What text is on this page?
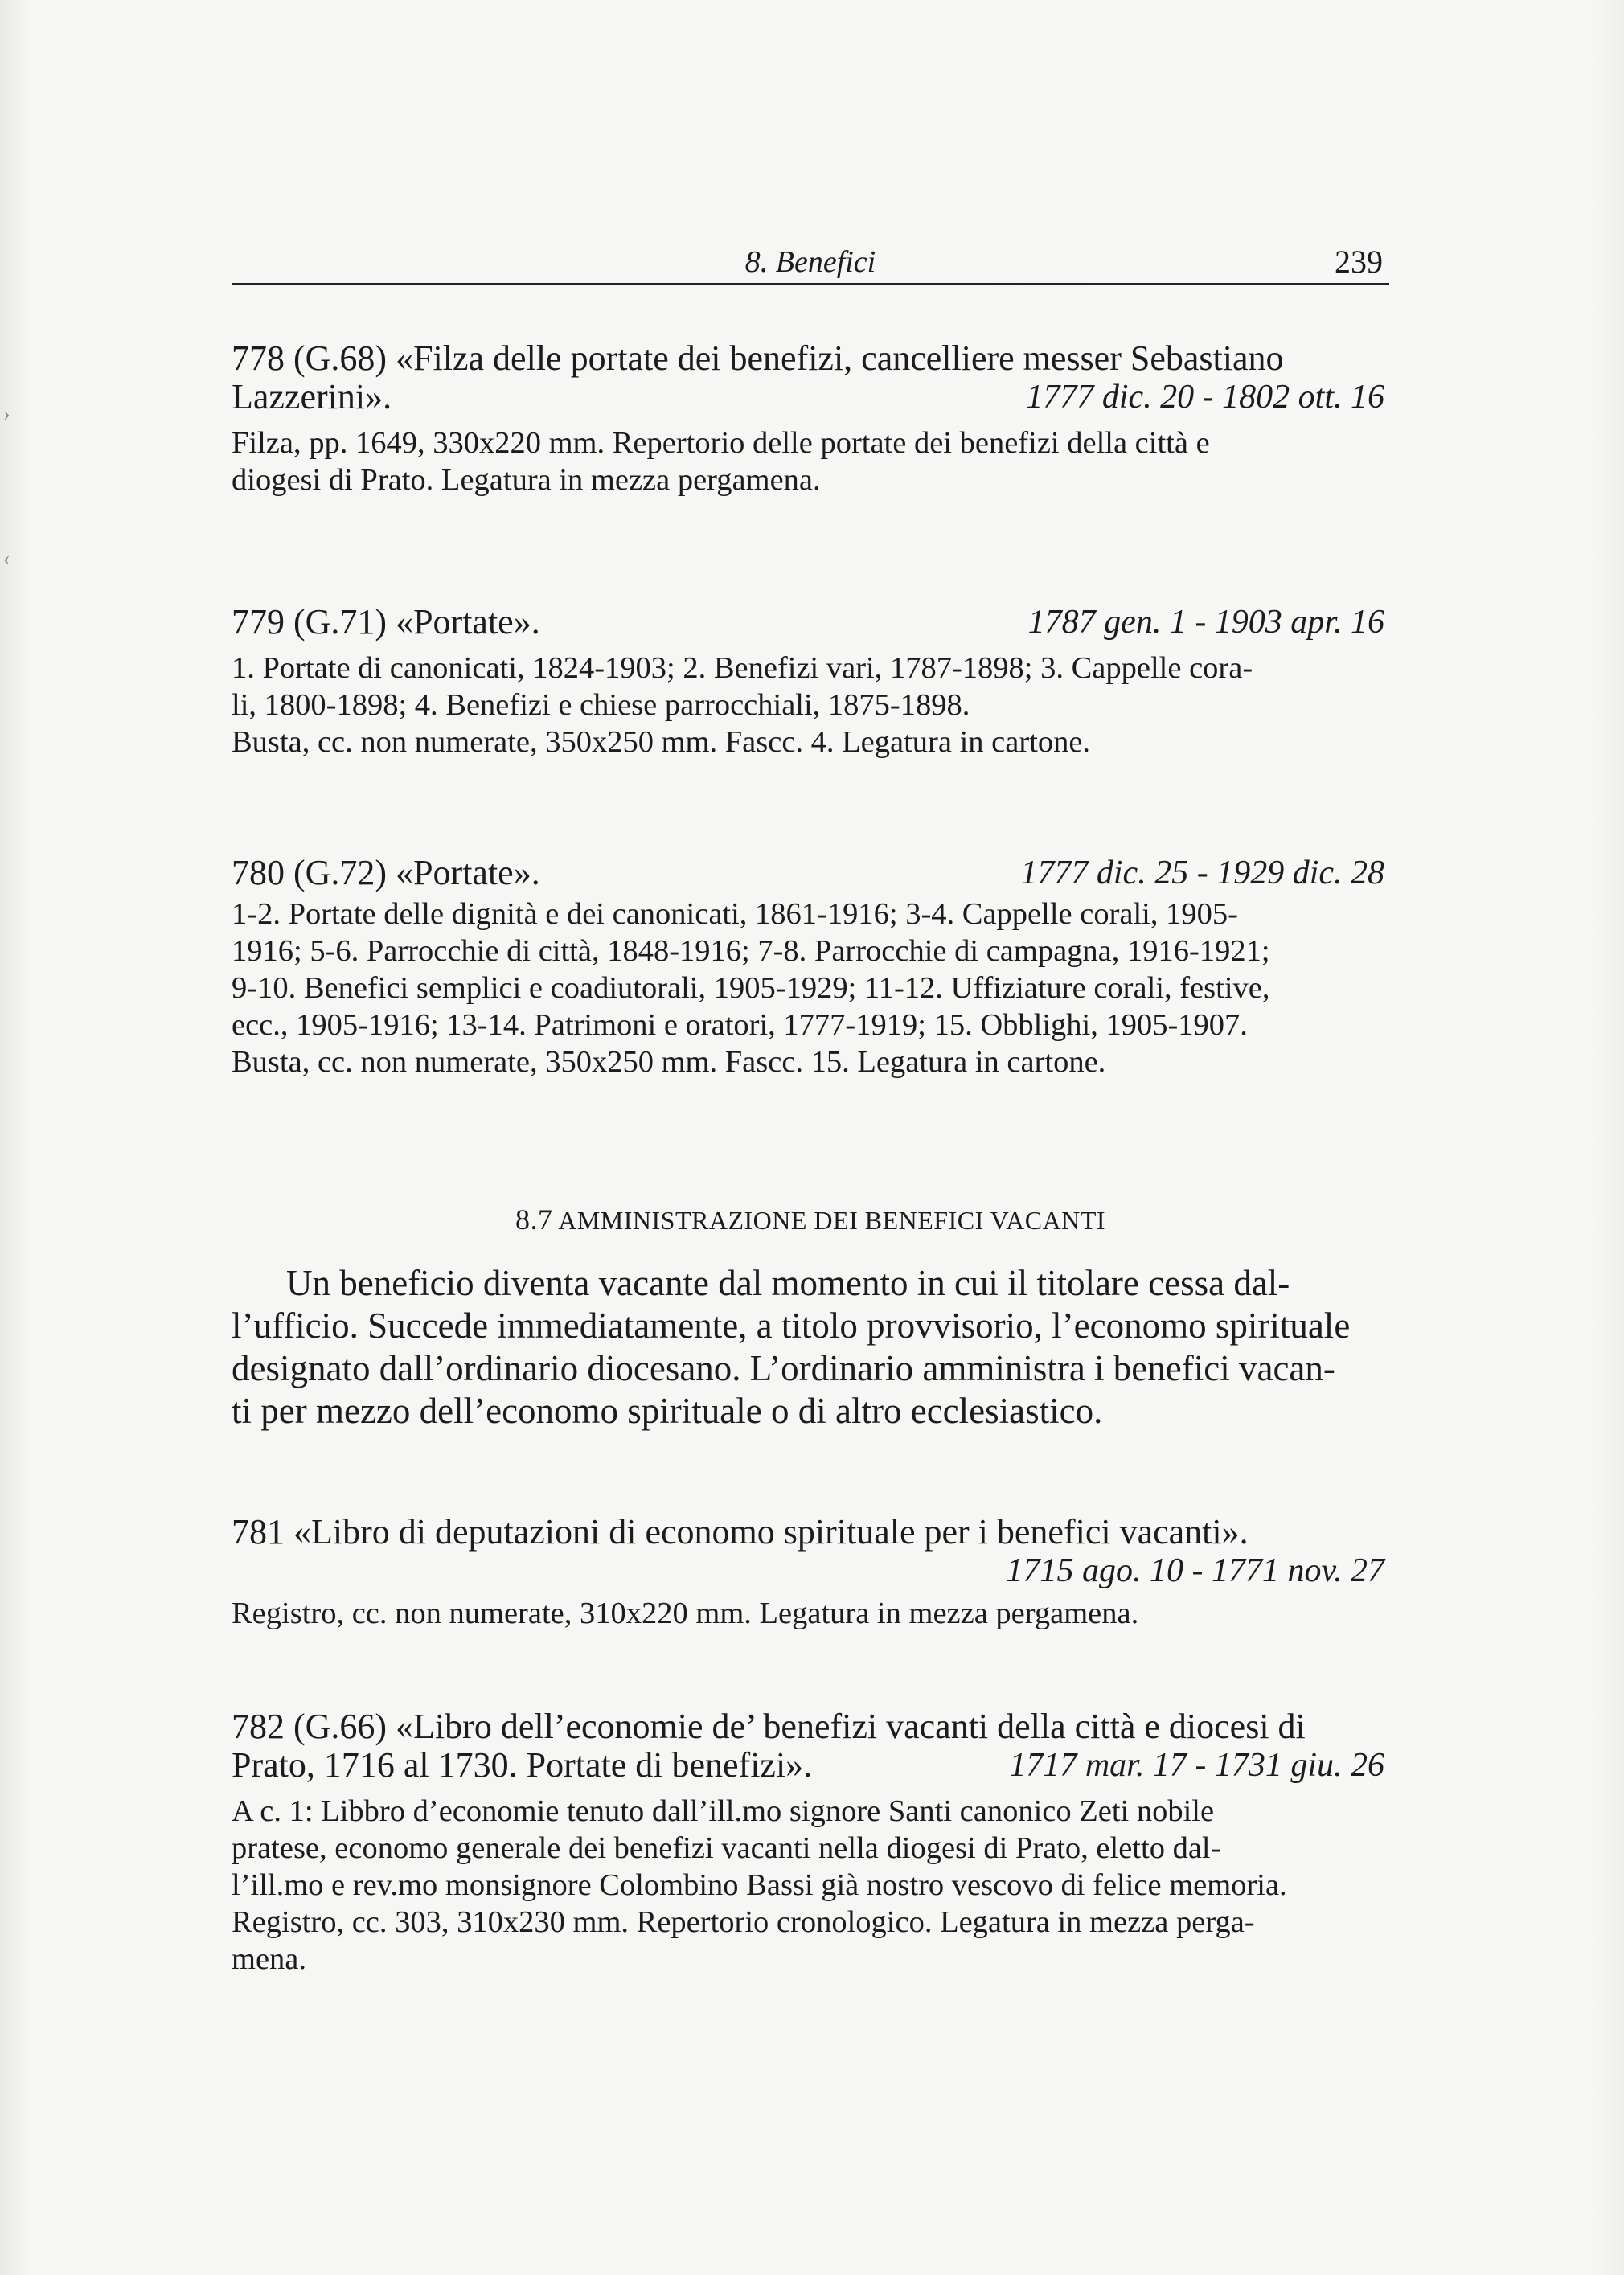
›
‹
8. Benefici	239
778 (G.68) «Filza delle portate dei benefizi, cancelliere messer Sebastiano
Lazzerini».	1777 dic. 20 - 1802 ott. 16
Filza, pp. 1649, 330x220 mm. Repertorio delle portate dei benefizi della città e
diogesi di Prato. Legatura in mezza pergamena.
779 (G.71) «Portate».	1787 gen. 1 - 1903 apr. 16
1. Portate di canonicati, 1824-1903; 2. Benefizi vari, 1787-1898; 3. Cappelle cora-
li, 1800-1898; 4. Benefizi e chiese parrocchiali, 1875-1898.
Busta, cc. non numerate, 350x250 mm. Fascc. 4. Legatura in cartone.
780 (G.72) «Portate».	1777 dic. 25 - 1929 dic. 28
1-2. Portate delle dignità e dei canonicati, 1861-1916; 3-4. Cappelle corali, 1905-
1916; 5-6. Parrocchie di città, 1848-1916; 7-8. Parrocchie di campagna, 1916-1921;
9-10. Benefici semplici e coadiutorali, 1905-1929; 11-12. Uffiziature corali, festive,
ecc., 1905-1916; 13-14. Patrimoni e oratori, 1777-1919; 15. Obblighi, 1905-1907.
Busta, cc. non numerate, 350x250 mm. Fascc. 15. Legatura in cartone.
8.7 AMMINISTRAZIONE DEI BENEFICI VACANTI
Un beneficio diventa vacante dal momento in cui il titolare cessa dal-
l’ufficio. Succede immediatamente, a titolo provvisorio, l’economo spirituale
designato dall’ordinario diocesano. L’ordinario amministra i benefici vacan-
ti per mezzo dell’economo spirituale o di altro ecclesiastico.
781 «Libro di deputazioni di economo spirituale per i benefici vacanti».
1715 ago. 10 - 1771 nov. 27
Registro, cc. non numerate, 310x220 mm. Legatura in mezza pergamena.
782 (G.66) «Libro dell’economie de’ benefizi vacanti della città e diocesi di
Prato, 1716 al 1730. Portate di benefizi».	1717 mar. 17 - 1731 giu. 26
A c. 1: Libbro d’economie tenuto dall’ill.mo signore Santi canonico Zeti nobile
pratese, economo generale dei benefizi vacanti nella diogesi di Prato, eletto dal-
l’ill.mo e rev.mo monsignore Colombino Bassi già nostro vescovo di felice memoria.
Registro, cc. 303, 310x230 mm. Repertorio cronologico. Legatura in mezza perga-
mena.
